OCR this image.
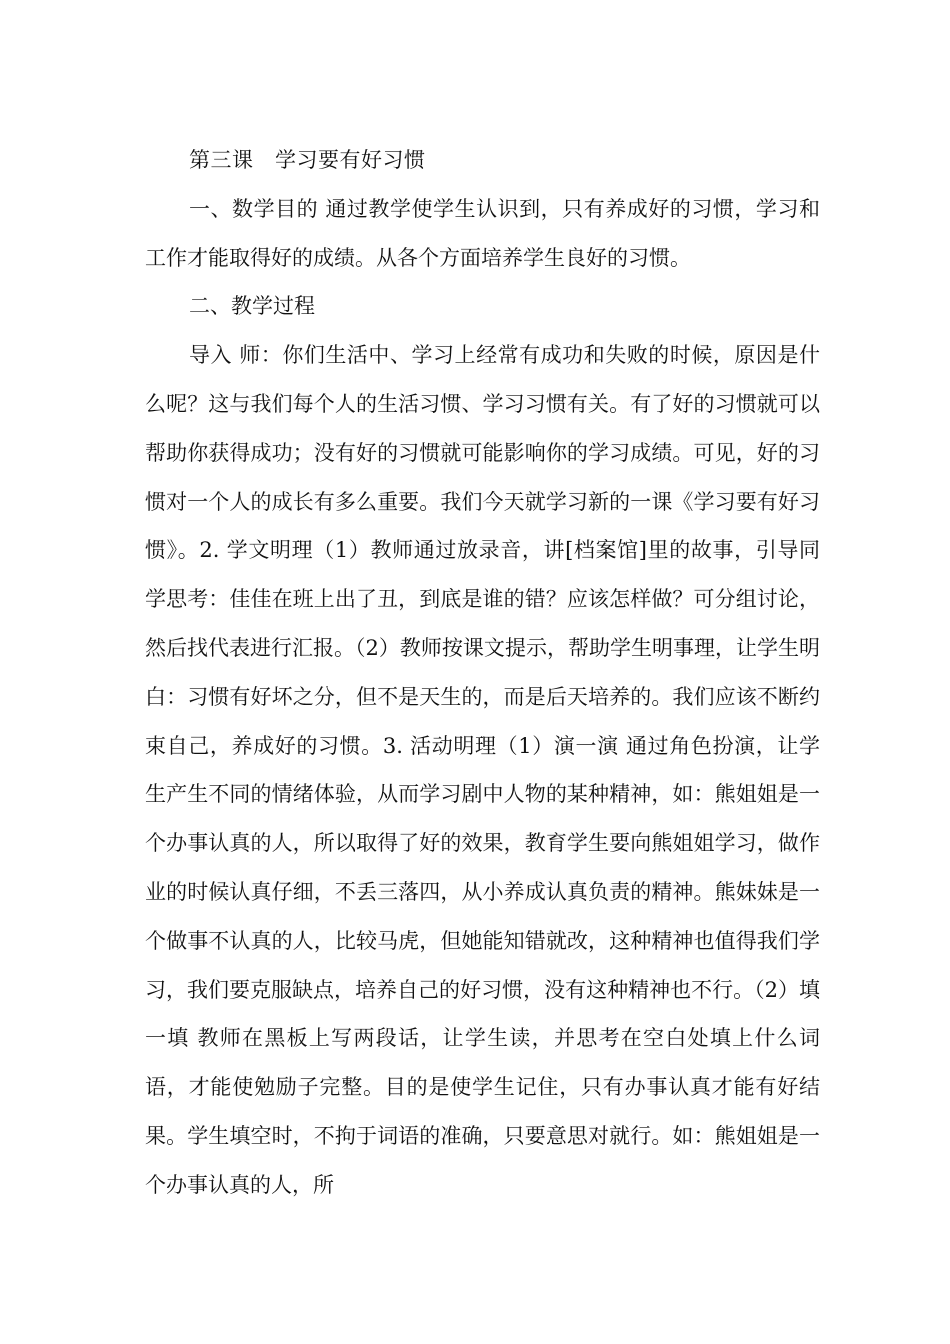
第三课　学习要有好习惯

一、数学目的 通过教学使学生认识到，只有养成好的习惯，学习和工作才能取得好的成绩。从各个方面培养学生良好的习惯。

二、教学过程

导入 师：你们生活中、学习上经常有成功和失败的时候，原因是什么呢？这与我们每个人的生活习惯、学习习惯有关。有了好的习惯就可以帮助你获得成功；没有好的习惯就可能影响你的学习成绩。可见，好的习惯对一个人的成长有多么重要。我们今天就学习新的一课《学习要有好习惯》。2. 学文明理（1）教师通过放录音，讲[档案馆]里的故事，引导同学思考：佳佳在班上出了丑，到底是谁的错？应该怎样做？可分组讨论，然后找代表进行汇报。（2）教师按课文提示，帮助学生明事理，让学生明白：习惯有好坏之分，但不是天生的，而是后天培养的。我们应该不断约束自己，养成好的习惯。3. 活动明理（1）演一演 通过角色扮演，让学生产生不同的情绪体验，从而学习剧中人物的某种精神，如：熊姐姐是一个办事认真的人，所以取得了好的效果，教育学生要向熊姐姐学习，做作业的时候认真仔细，不丢三落四，从小养成认真负责的精神。熊妹妹是一个做事不认真的人，比较马虎，但她能知错就改，这种精神也值得我们学习，我们要克服缺点，培养自己的好习惯，没有这种精神也不行。（2）填一填 教师在黑板上写两段话，让学生读，并思考在空白处填上什么词语，才能使勉励子完整。目的是使学生记住，只有办事认真才能有好结果。学生填空时，不拘于词语的准确，只要意思对就行。如：熊姐姐是一个办事认真的人，所
